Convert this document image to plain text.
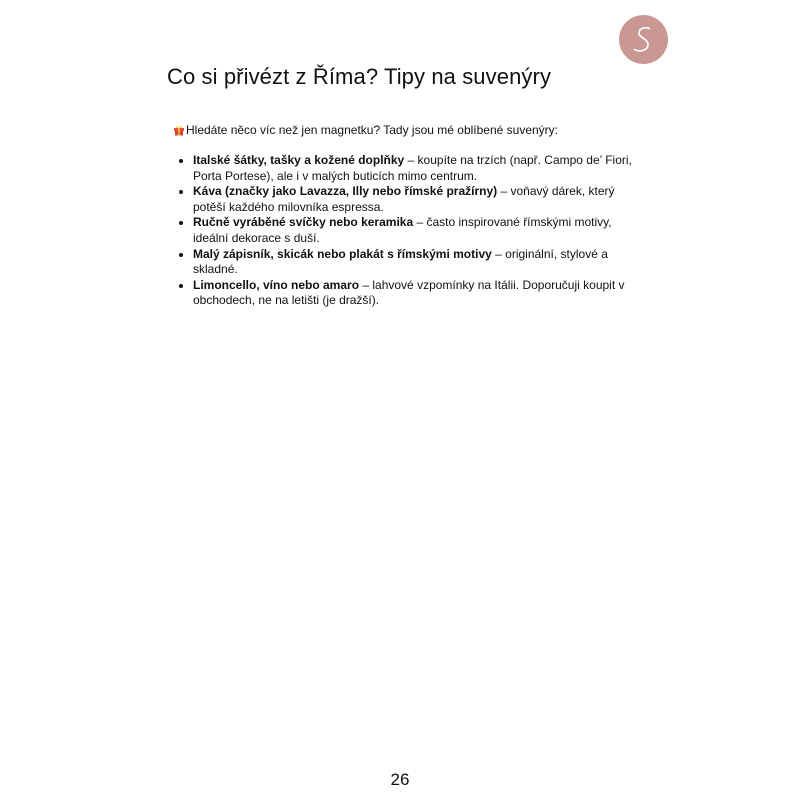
Co si přivézt z Říma? Tipy na suvenýry

Hledáte něco víc než jen magnetku? Tady jsou mé oblíbené suvenýry:

Italské šátky, tašky a kožené doplňky – koupíte na trzích (např. Campo de’ Fiori, Porta Portese), ale i v malých buticích mimo centrum.
Káva (značky jako Lavazza, Illy nebo římské pražírny) – voňavý dárek, který potěší každého milovníka espressa.
Ručně vyráběné svíčky nebo keramika – často inspirované římskými motivy, ideální dekorace s duší.
Malý zápisník, skicák nebo plakát s římskými motivy – originální, stylové a skladné.
Limoncello, víno nebo amaro – lahvové vzpomínky na Itálii. Doporučuji koupit v obchodech, ne na letišti (je dražší).
26
